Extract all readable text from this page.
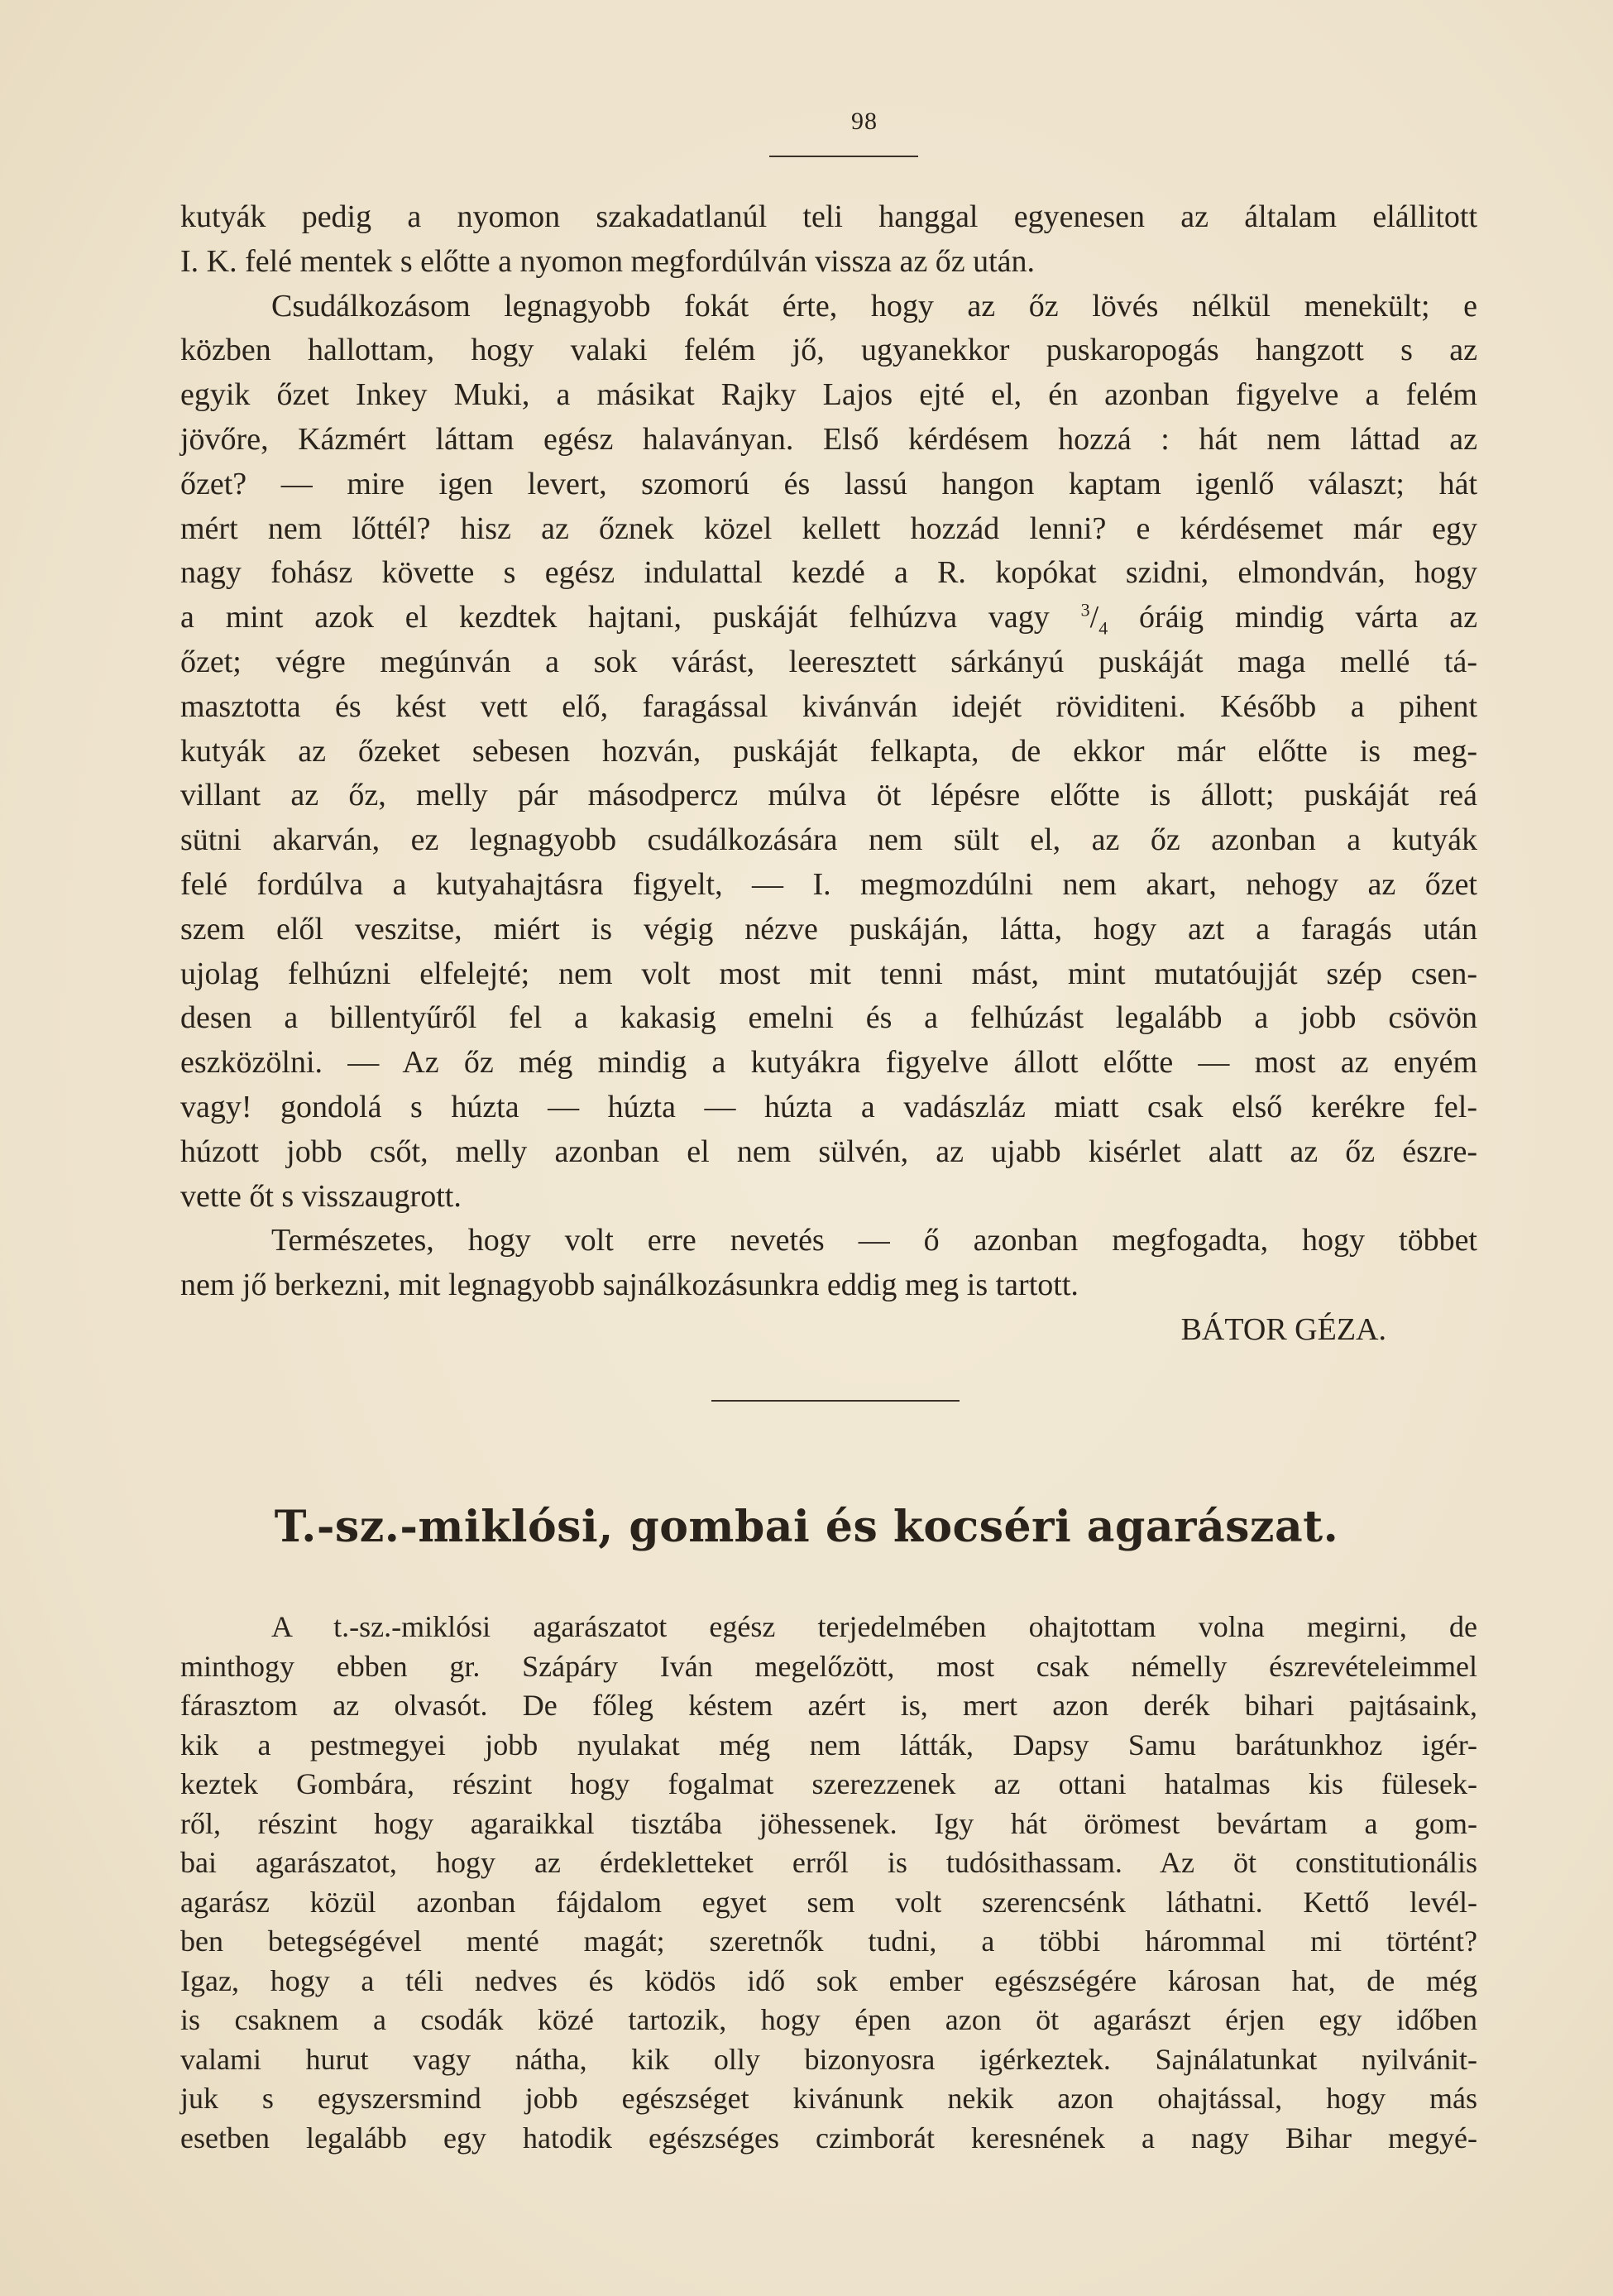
98
kutyák pedig a nyomon szakadatlanúl teli hanggal egyenesen az általam elállitott
I. K. felé mentek s előtte a nyomon megfordúlván vissza az őz után.
Csudálkozásom legnagyobb fokát érte, hogy az őz lövés nélkül menekült; e
közben hallottam, hogy valaki felém jő, ugyanekkor puskaropogás hangzott s az
egyik őzet Inkey Muki, a másikat Rajky Lajos ejté el, én azonban figyelve a felém
jövőre, Kázmért láttam egész halaványan. Első kérdésem hozzá : hát nem láttad az
őzet? — mire igen levert, szomorú és lassú hangon kaptam igenlő választ; hát
mért nem lőttél? hisz az őznek közel kellett hozzád lenni? e kérdésemet már egy
nagy fohász követte s egész indulattal kezdé a R. kopókat szidni, elmondván, hogy
a mint azok el kezdtek hajtani, puskáját felhúzva vagy $^3/_4$ óráig mindig várta az
őzet; végre megúnván a sok várást, leeresztett sárkányú puskáját maga mellé tá-
masztotta és kést vett elő, faragással kivánván idejét röviditeni. Később a pihent
kutyák az őzeket sebesen hozván, puskáját felkapta, de ekkor már előtte is meg-
villant az őz, melly pár másodpercz múlva öt lépésre előtte is állott; puskáját reá
sütni akarván, ez legnagyobb csudálkozására nem sült el, az őz azonban a kutyák
felé fordúlva a kutyahajtásra figyelt, — I. megmozdúlni nem akart, nehogy az őzet
szem elől veszitse, miért is végig nézve puskáján, látta, hogy azt a faragás után
ujolag felhúzni elfelejté; nem volt most mit tenni mást, mint mutatóujját szép csen-
desen a billentyűről fel a kakasig emelni és a felhúzást legalább a jobb csövön
eszközölni. — Az őz még mindig a kutyákra figyelve állott előtte — most az enyém
vagy! gondolá s húzta — húzta — húzta a vadászláz miatt csak első kerékre fel-
húzott jobb csőt, melly azonban el nem sülvén, az ujabb kisérlet alatt az őz észre-
vette őt s visszaugrott.
Természetes, hogy volt erre nevetés — ő azonban megfogadta, hogy többet
nem jő berkezni, mit legnagyobb sajnálkozásunkra eddig meg is tartott.
BÁTOR GÉZA.
T.-sz.-miklósi, gombai és kocséri agarászat.
A t.-sz.-miklósi agarászatot egész terjedelmében ohajtottam volna megirni, de
minthogy ebben gr. Szápáry Iván megelőzött, most csak némelly észrevételeimmel
fárasztom az olvasót. De főleg késtem azért is, mert azon derék bihari pajtásaink,
kik a pestmegyei jobb nyulakat még nem látták, Dapsy Samu barátunkhoz igér-
keztek Gombára, részint hogy fogalmat szerezzenek az ottani hatalmas kis fülesek-
ről, részint hogy agaraikkal tisztába jöhessenek. Igy hát örömest bevártam a gom-
bai agarászatot, hogy az érdekletteket erről is tudósithassam. Az öt constitutionális
agarász közül azonban fájdalom egyet sem volt szerencsénk láthatni. Kettő levél-
ben betegségével menté magát; szeretnők tudni, a többi hárommal mi történt?
Igaz, hogy a téli nedves és ködös idő sok ember egészségére károsan hat, de még
is csaknem a csodák közé tartozik, hogy épen azon öt agarászt érjen egy időben
valami hurut vagy nátha, kik olly bizonyosra igérkeztek. Sajnálatunkat nyilvánit-
juk s egyszersmind jobb egészséget kivánunk nekik azon ohajtással, hogy más
esetben legalább egy hatodik egészséges czimborát keresnének a nagy Bihar megyé-
